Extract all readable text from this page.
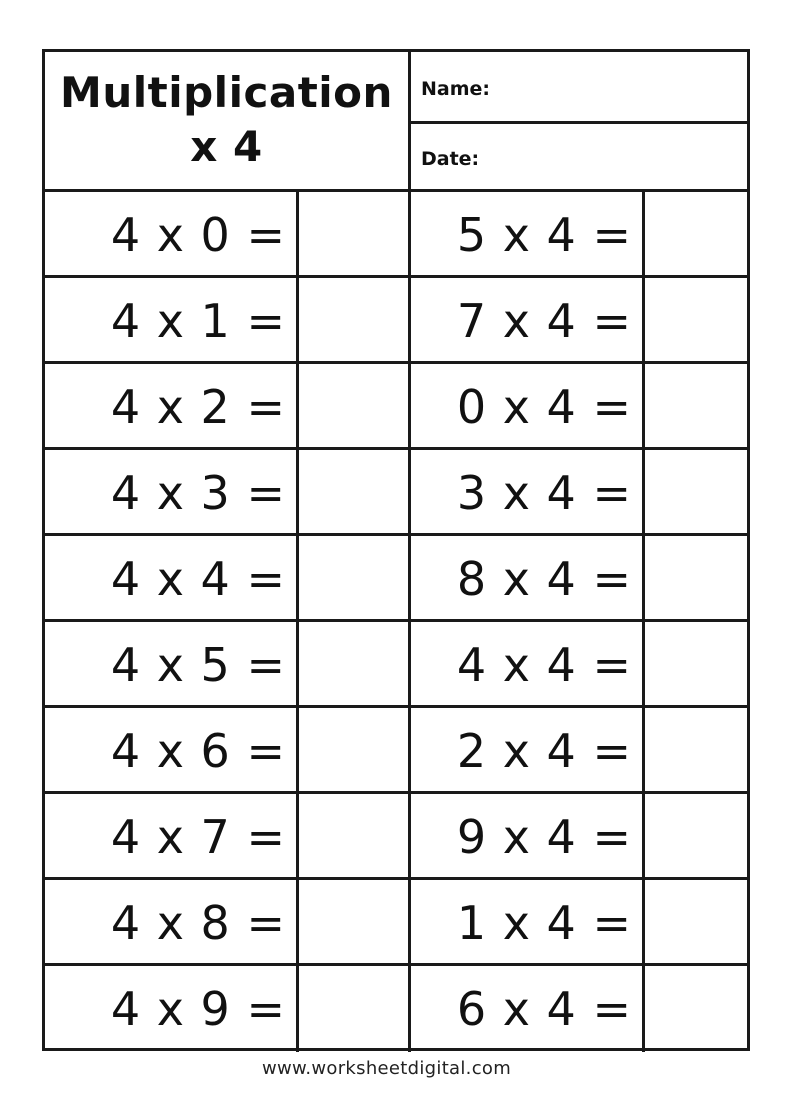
Multiplication
x 4
Name:
Date:
4 x 0 =	5 x 4 =
4 x 1 =	7 x 4 =
4 x 2 =	0 x 4 =
4 x 3 =	3 x 4 =
4 x 4 =	8 x 4 =
4 x 5 =	4 x 4 =
4 x 6 =	2 x 4 =
4 x 7 =	9 x 4 =
4 x 8 =	1 x 4 =
4 x 9 =	6 x 4 =
www.worksheetdigital.com
